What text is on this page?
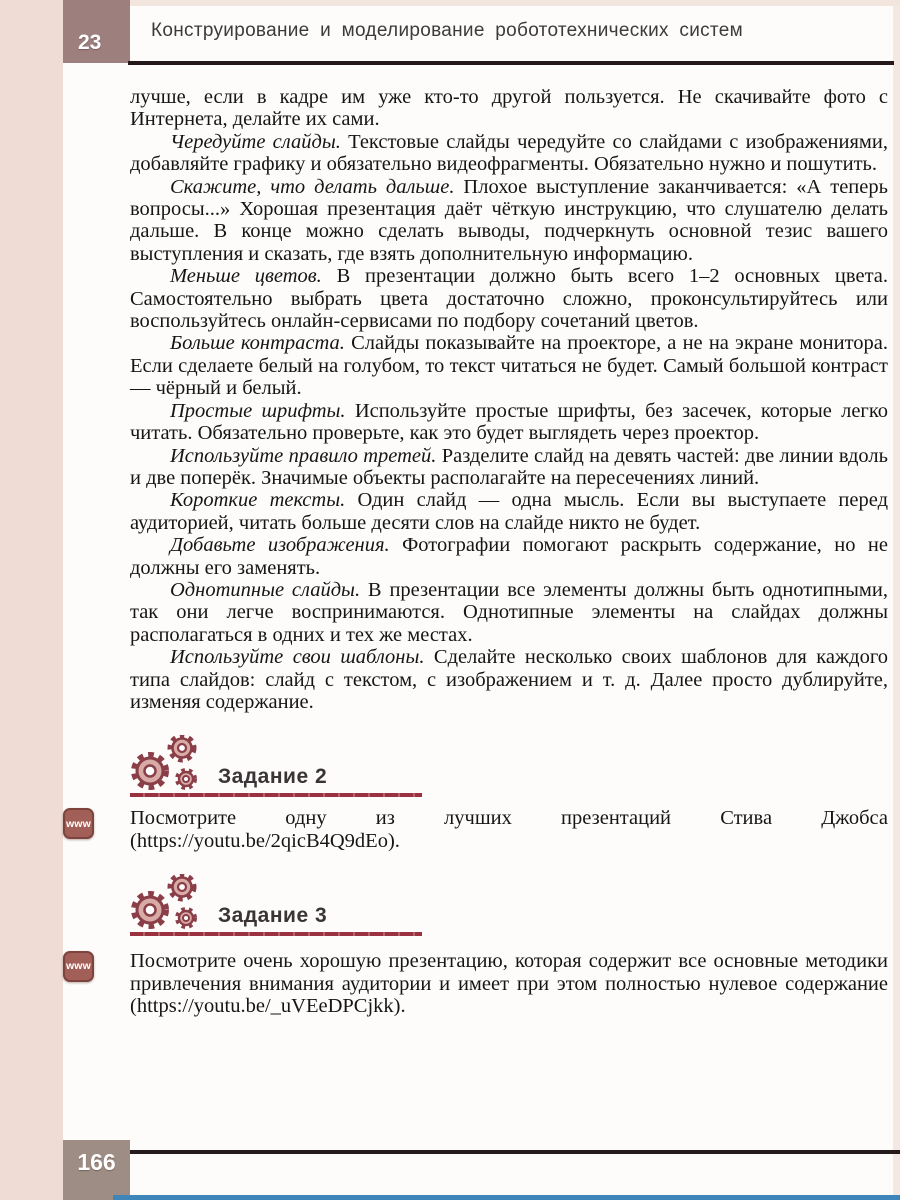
23
Конструирование и моделирование робототехнических систем

лучше, если в кадре им уже кто-то другой пользуется. Не скачивайте фото с Интернета, делайте их сами.

Чередуйте слайды. Текстовые слайды чередуйте со слайдами с изображениями, добавляйте графику и обязательно видеофрагменты. Обязательно нужно и пошутить.

Скажите, что делать дальше. Плохое выступление заканчивается: «А теперь вопросы...» Хорошая презентация даёт чёткую инструкцию, что слушателю делать дальше. В конце можно сделать выводы, подчеркнуть основной тезис вашего выступления и сказать, где взять дополнительную информацию.

Меньше цветов. В презентации должно быть всего 1–2 основных цвета. Самостоятельно выбрать цвета достаточно сложно, проконсультируйтесь или воспользуйтесь онлайн-сервисами по подбору сочетаний цветов.

Больше контраста. Слайды показывайте на проекторе, а не на экране монитора. Если сделаете белый на голубом, то текст читаться не будет. Самый большой контраст — чёрный и белый.

Простые шрифты. Используйте простые шрифты, без засечек, которые легко читать. Обязательно проверьте, как это будет выглядеть через проектор.

Используйте правило третей. Разделите слайд на девять частей: две линии вдоль и две поперёк. Значимые объекты располагайте на пересечениях линий.

Короткие тексты. Один слайд — одна мысль. Если вы выступаете перед аудиторией, читать больше десяти слов на слайде никто не будет.

Добавьте изображения. Фотографии помогают раскрыть содержание, но не должны его заменять.

Однотипные слайды. В презентации все элементы должны быть однотипными, так они легче воспринимаются. Однотипные элементы на слайдах должны располагаться в одних и тех же местах.

Используйте свои шаблоны. Сделайте несколько своих шаблонов для каждого типа слайдов: слайд с текстом, с изображением и т. д. Далее просто дублируйте, изменяя содержание.

Задание 2

www Посмотрите одну из лучших презентаций Стива Джобса (https://youtu.be/2qicB4Q9dEo).

Задание 3

www Посмотрите очень хорошую презентацию, которая содержит все основные методики привлечения внимания аудитории и имеет при этом полностью нулевое содержание (https://youtu.be/_uVEeDPCjkk).

166
